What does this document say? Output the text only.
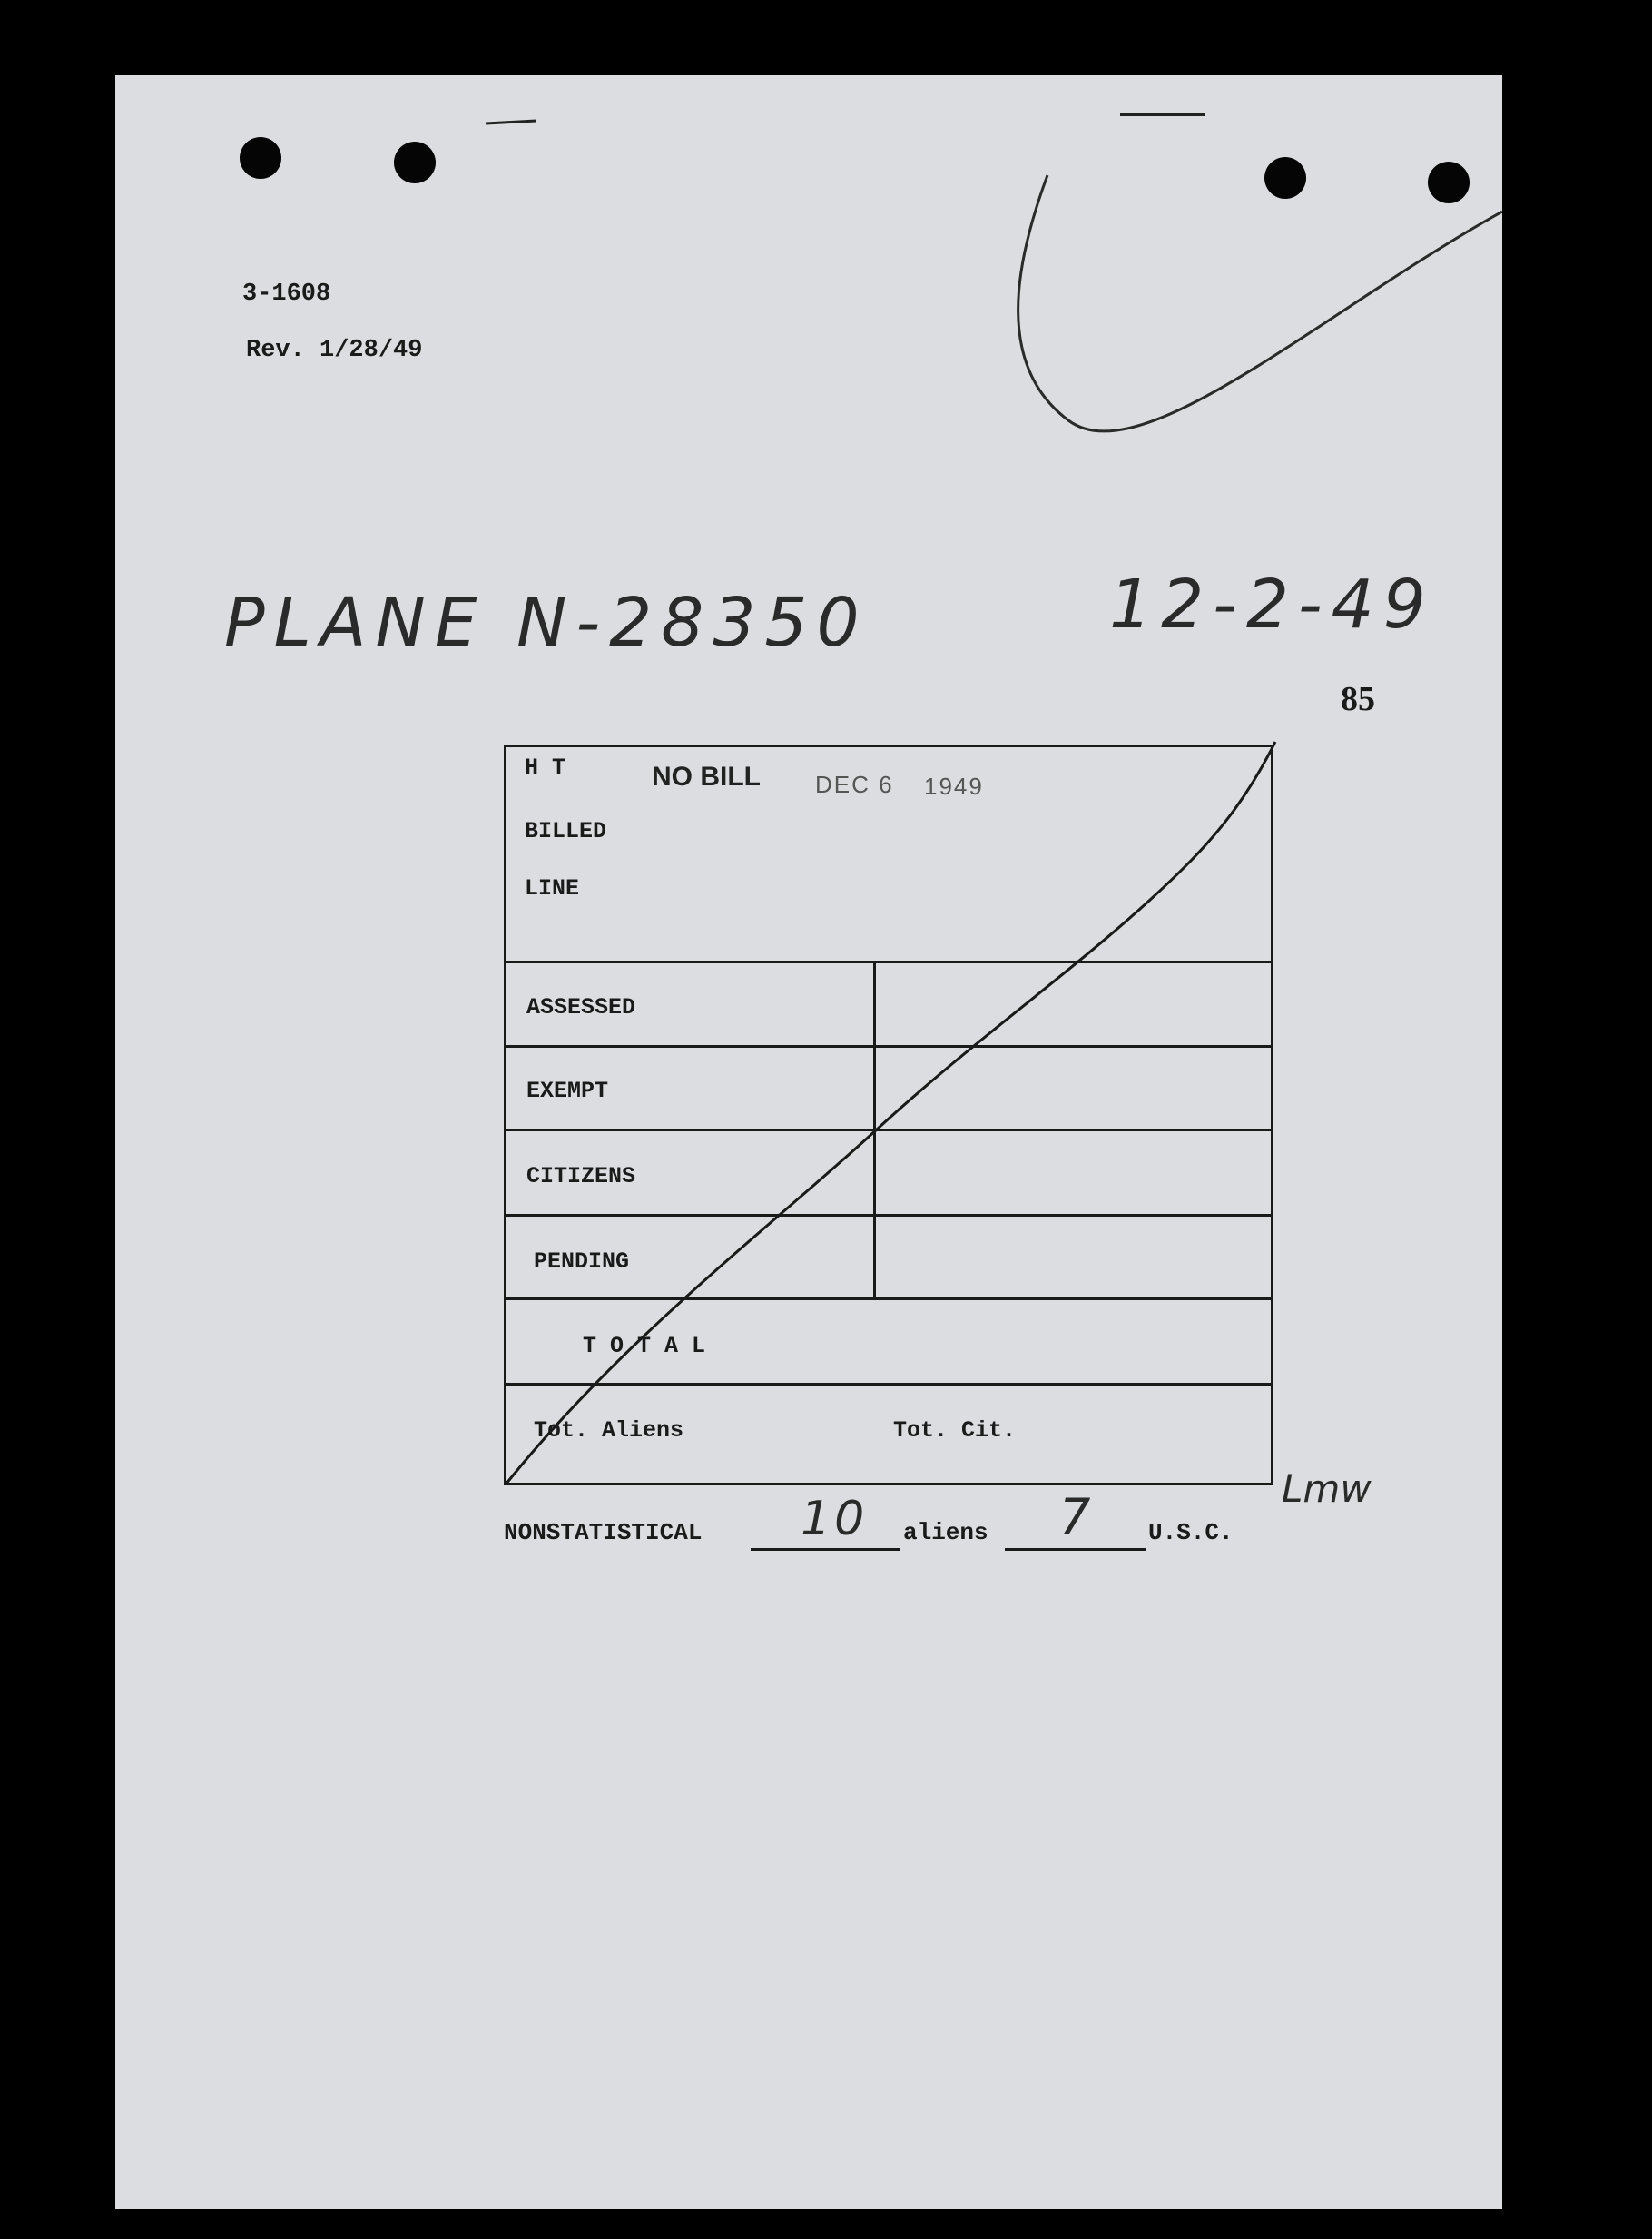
3-1608
Rev. 1/28/49
PLANE N-28350	12-2-49
85
H T	NO BILL DEC 6 1949
BILLED
LINE
ASSESSED
EXEMPT
CITIZENS
PENDING
T O T A L
Tot. Aliens	Tot. Cit.
NONSTATISTICAL 10 aliens 7 U.S.C.
Lmw
